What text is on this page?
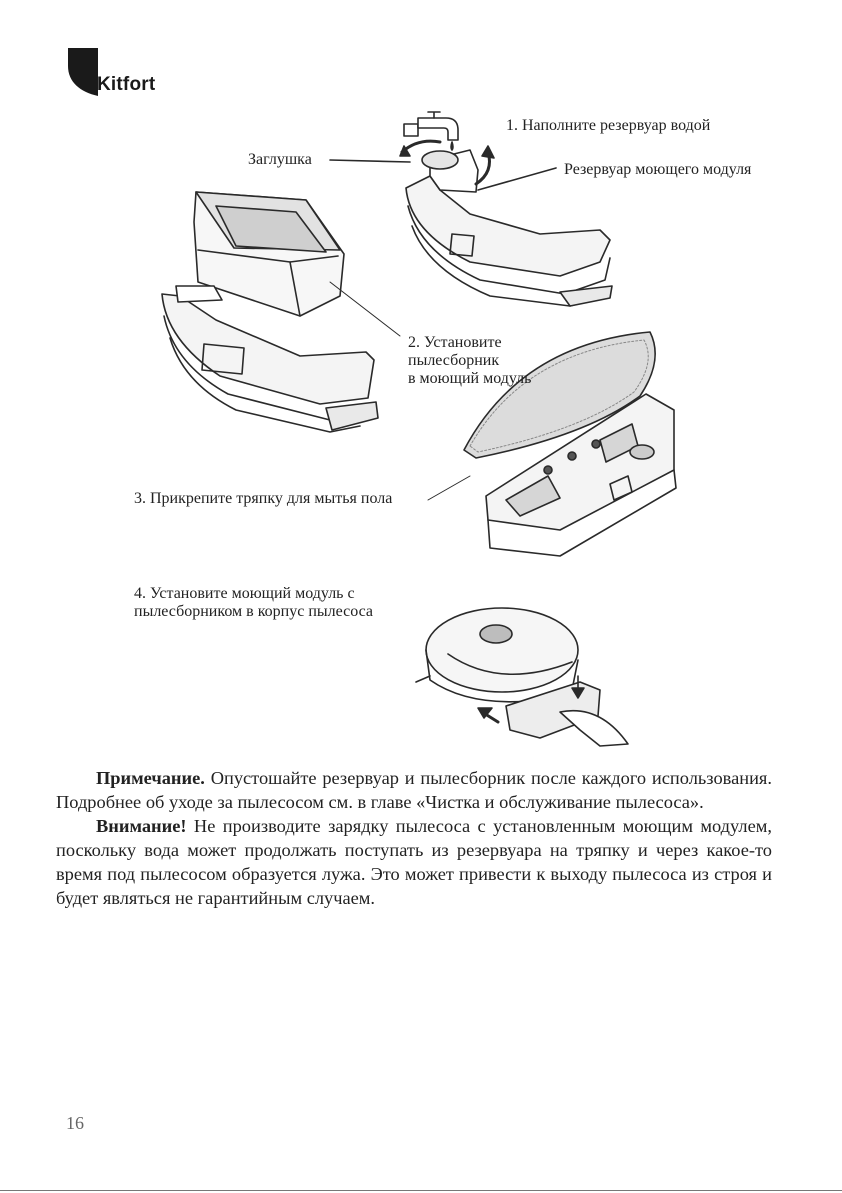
Kitfort
1. Наполните резервуар водой
Заглушка
Резервуар моющего модуля
2. Установите
пылесборник
в моющий модуль
3. Прикрепите тряпку для мытья пола
4. Установите моющий модуль с
пылесборником в корпус пылесоса

Примечание. Опустошайте резервуар и пылесборник после каждого использования. Подробнее об уходе за пылесосом см. в главе «Чистка и обслуживание пылесоса».

Внимание! Не производите зарядку пылесоса с установленным моющим модулем, поскольку вода может продолжать поступать из резервуара на тряпку и через какое-то время под пылесосом образуется лужа. Это может привести к выходу пылесоса из строя и будет являться не гарантийным случаем.

16
